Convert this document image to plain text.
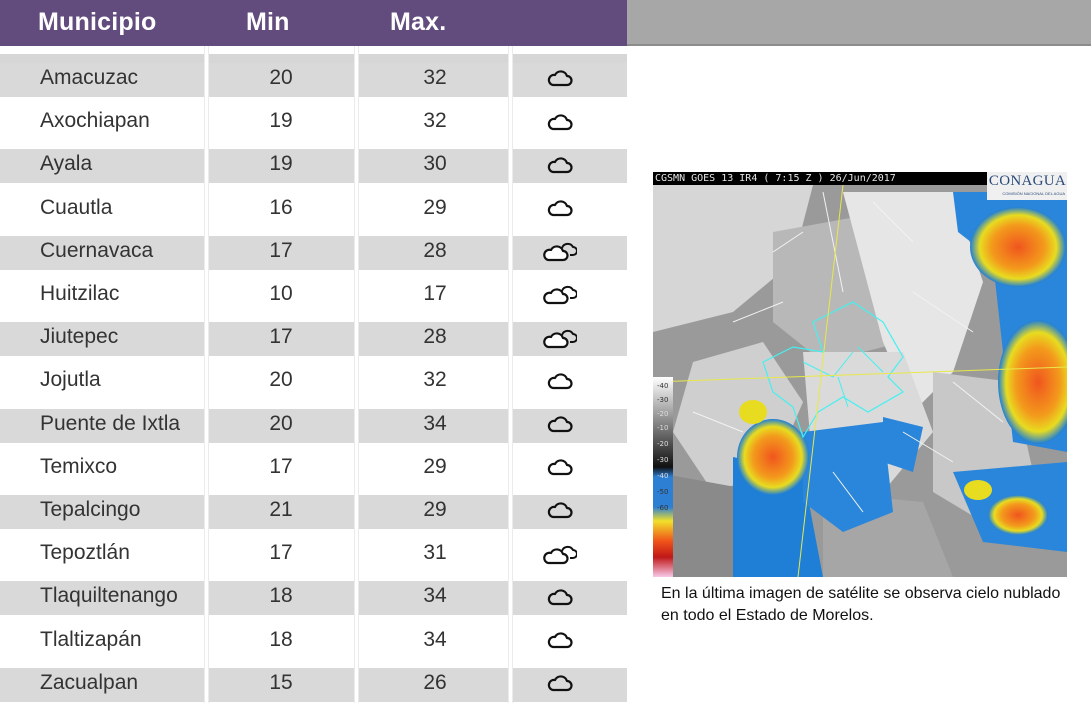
Municipio	Min	Max.
Amacuzac	20	32
Axochiapan	19	32
Ayala	19	30
Cuautla	16	29
Cuernavaca	17	28
Huitzilac	10	17
Jiutepec	17	28
Jojutla	20	32
Puente de Ixtla	20	34
Temixco	17	29
Tepalcingo	21	29
Tepoztlán	17	31
Tlaquiltenango	18	34
Tlaltizapán	18	34
Zacualpan	15	26
-40
-30
-20
-10
-20
-30
-40
-50
-60
CGSMN GOES 13 IR4 ( 7:15 Z ) 26/Jun/2017	CONAGUA
COMISIÓN NACIONAL DEL AGUA
En la última imagen de satélite se observa cielo nublado en todo el Estado de Morelos.
